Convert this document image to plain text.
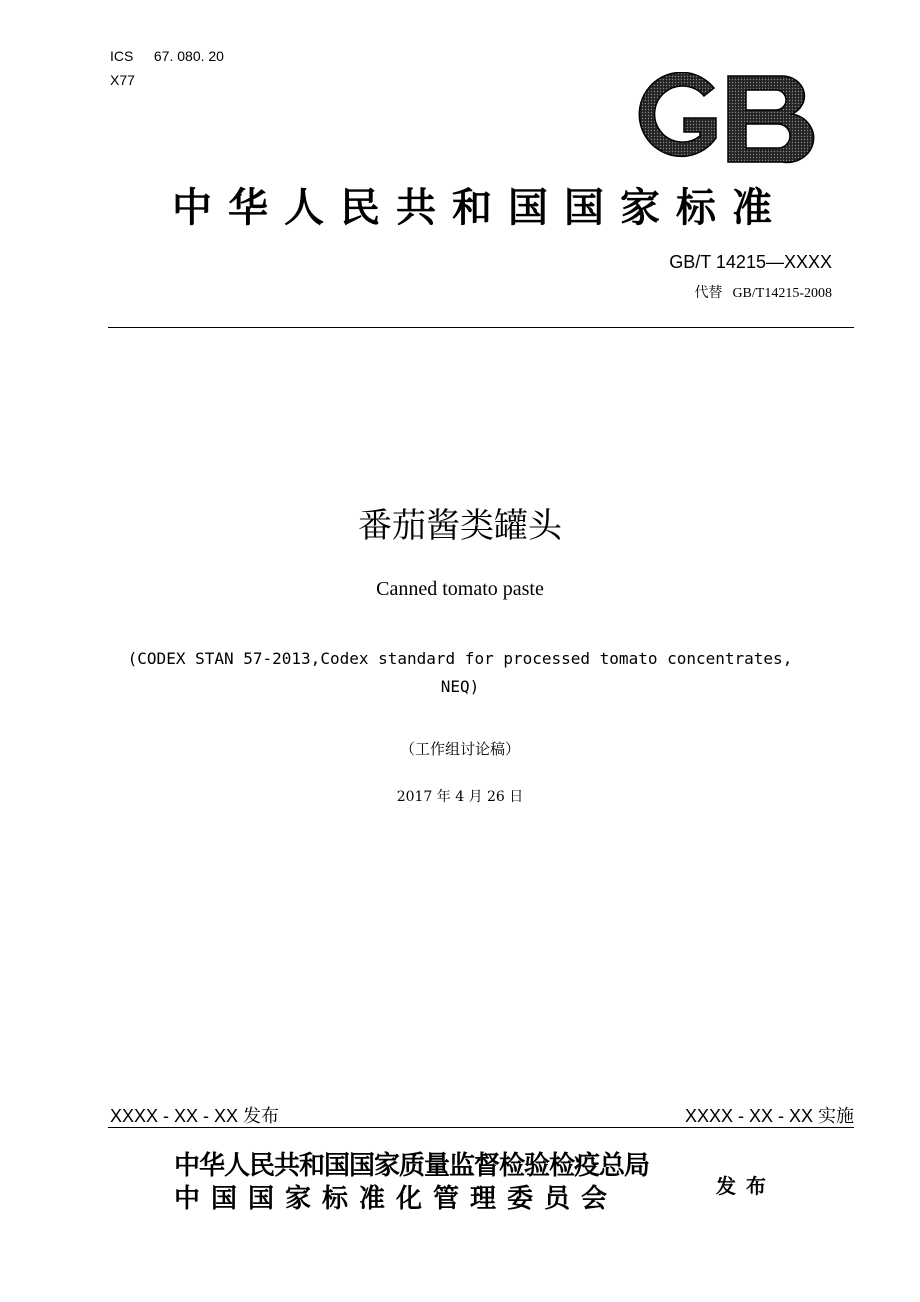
ICS 67. 080. 20
X77
中华人民共和国国家标准
GB/T 14215—XXXX
代替 GB/T14215-2008
番茄酱类罐头
Canned tomato paste
(CODEX STAN 57-2013,Codex standard for processed tomato concentrates,
NEQ)
（工作组讨论稿）
2017 年 4 月 26 日
XXXX - XX - XX 发布	XXXX - XX - XX 实施
中华人民共和国国家质量监督检验检疫总局
中国国家标准化管理委员会	发布
